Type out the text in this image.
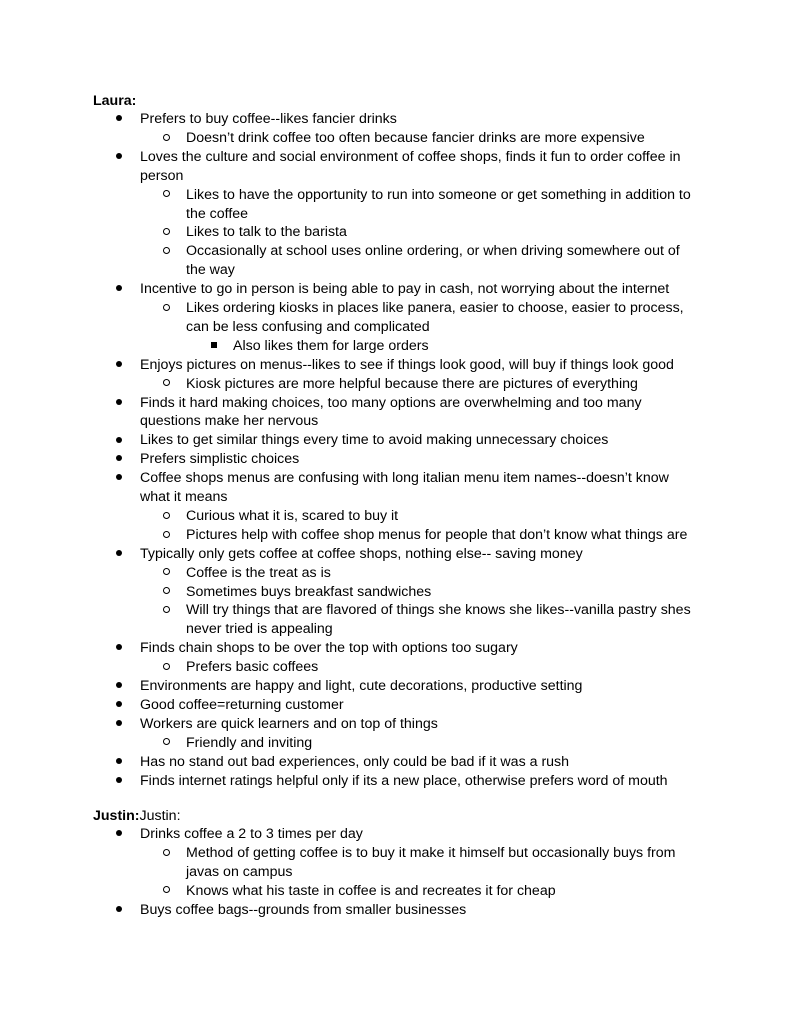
Laura:
Prefers to buy coffee--likes fancier drinks
Doesn’t drink coffee too often because fancier drinks are more expensive
Loves the culture and social environment of coffee shops, finds it fun to order coffee in
person
Likes to have the opportunity to run into someone or get something in addition to
the coffee
Likes to talk to the barista
Occasionally at school uses online ordering, or when driving somewhere out of
the way
Incentive to go in person is being able to pay in cash, not worrying about the internet
Likes ordering kiosks in places like panera, easier to choose, easier to process,
can be less confusing and complicated
Also likes them for large orders
Enjoys pictures on menus--likes to see if things look good, will buy if things look good
Kiosk pictures are more helpful because there are pictures of everything
Finds it hard making choices, too many options are overwhelming and too many
questions make her nervous
Likes to get similar things every time to avoid making unnecessary choices
Prefers simplistic choices
Coffee shops menus are confusing with long italian menu item names--doesn’t know
what it means
Curious what it is, scared to buy it
Pictures help with coffee shop menus for people that don’t know what things are
Typically only gets coffee at coffee shops, nothing else-- saving money
Coffee is the treat as is
Sometimes buys breakfast sandwiches
Will try things that are flavored of things she knows she likes--vanilla pastry shes
never tried is appealing
Finds chain shops to be over the top with options too sugary
Prefers basic coffees
Environments are happy and light, cute decorations, productive setting
Good coffee=returning customer
Workers are quick learners and on top of things
Friendly and inviting
Has no stand out bad experiences, only could be bad if it was a rush
Finds internet ratings helpful only if its a new place, otherwise prefers word of mouth
Justin:Justin:
Drinks coffee a 2 to 3 times per day
Method of getting coffee is to buy it make it himself but occasionally buys from
javas on campus
Knows what his taste in coffee is and recreates it for cheap
Buys coffee bags--grounds from smaller businesses
